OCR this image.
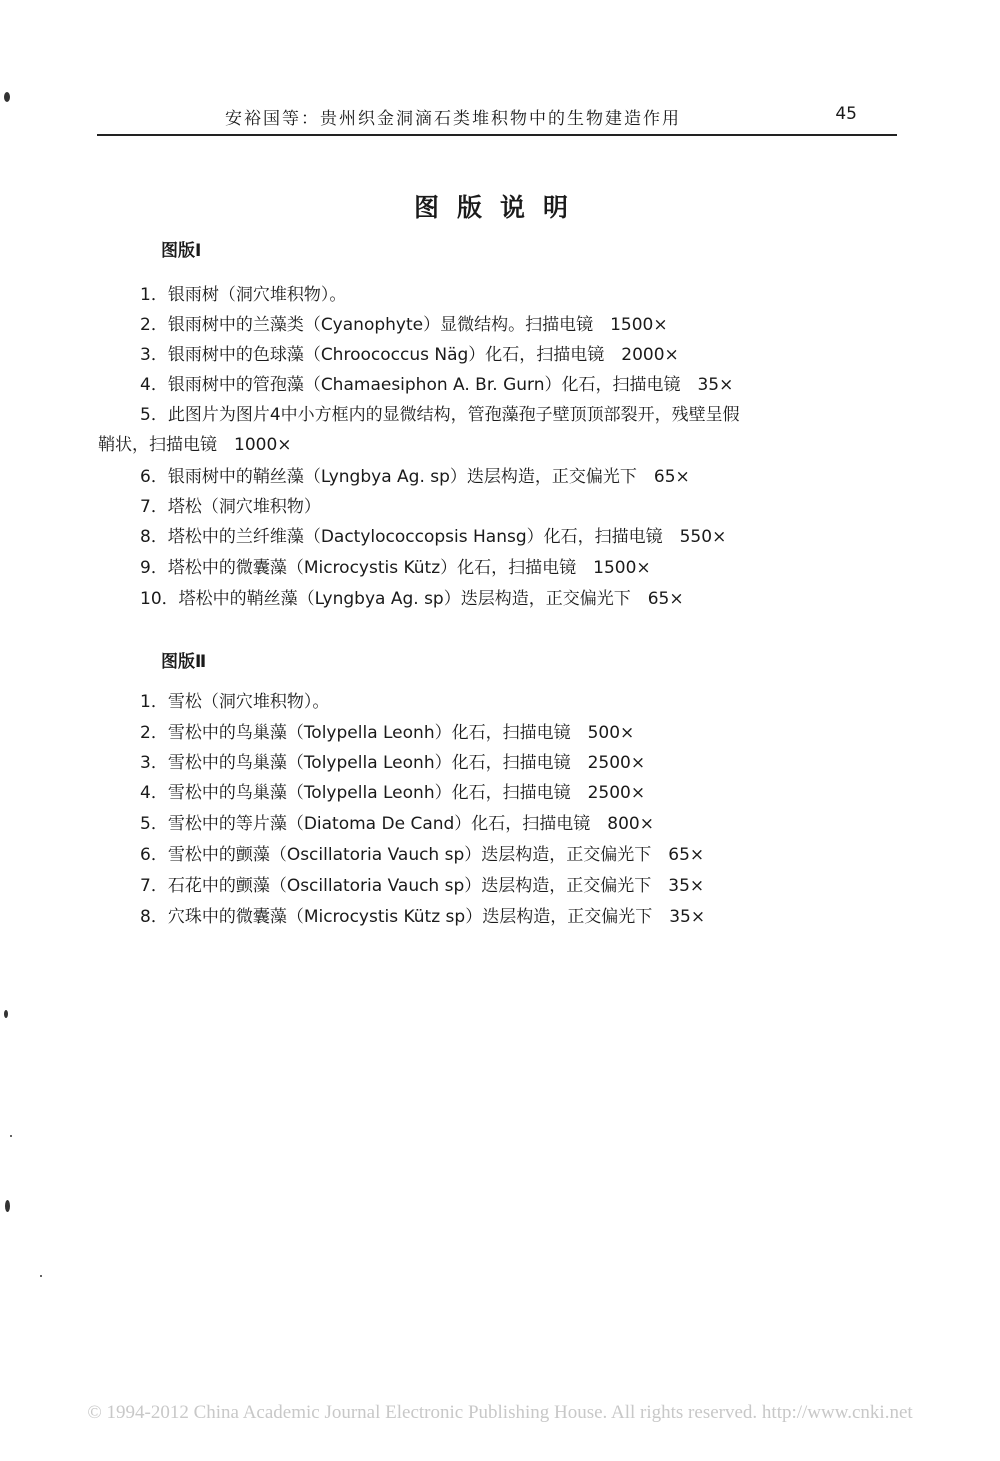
安裕国等：贵州织金洞滴石类堆积物中的生物建造作用	45
图版说明
图版Ⅰ
1．银雨树（洞穴堆积物）。
2．银雨树中的兰藻类（Cyanophyte）显微结构。扫描电镜　1500×
3．银雨树中的色球藻（Chroococcus Nӓg）化石，扫描电镜　2000×
4．银雨树中的管孢藻（Chamaesiphon A. Br. Gurn）化石，扫描电镜　35×
5．此图片为图片4中小方框内的显微结构，管孢藻孢子壁顶顶部裂开，残壁呈假
鞘状，扫描电镜　1000×
6．银雨树中的鞘丝藻（Lyngbya Ag. sp）迭层构造，正交偏光下　65×
7．塔松（洞穴堆积物）
8．塔松中的兰纤维藻（Dactylococcopsis Hansg）化石，扫描电镜　550×
9．塔松中的微囊藻（Microcystis Kütz）化石，扫描电镜　1500×
10．塔松中的鞘丝藻（Lyngbya Ag. sp）迭层构造，正交偏光下　65×
图版Ⅱ
1．雪松（洞穴堆积物）。
2．雪松中的鸟巢藻（Tolypella Leonh）化石，扫描电镜　500×
3．雪松中的鸟巢藻（Tolypella Leonh）化石，扫描电镜　2500×
4．雪松中的鸟巢藻（Tolypella Leonh）化石，扫描电镜　2500×
5．雪松中的等片藻（Diatoma De Cand）化石，扫描电镜　800×
6．雪松中的颤藻（Oscillatoria Vauch sp）迭层构造，正交偏光下　65×
7．石花中的颤藻（Oscillatoria Vauch sp）迭层构造，正交偏光下　35×
8．穴珠中的微囊藻（Microcystis Kütz sp）迭层构造，正交偏光下　35×
© 1994-2012 China Academic Journal Electronic Publishing House. All rights reserved. http://www.cnki.net
